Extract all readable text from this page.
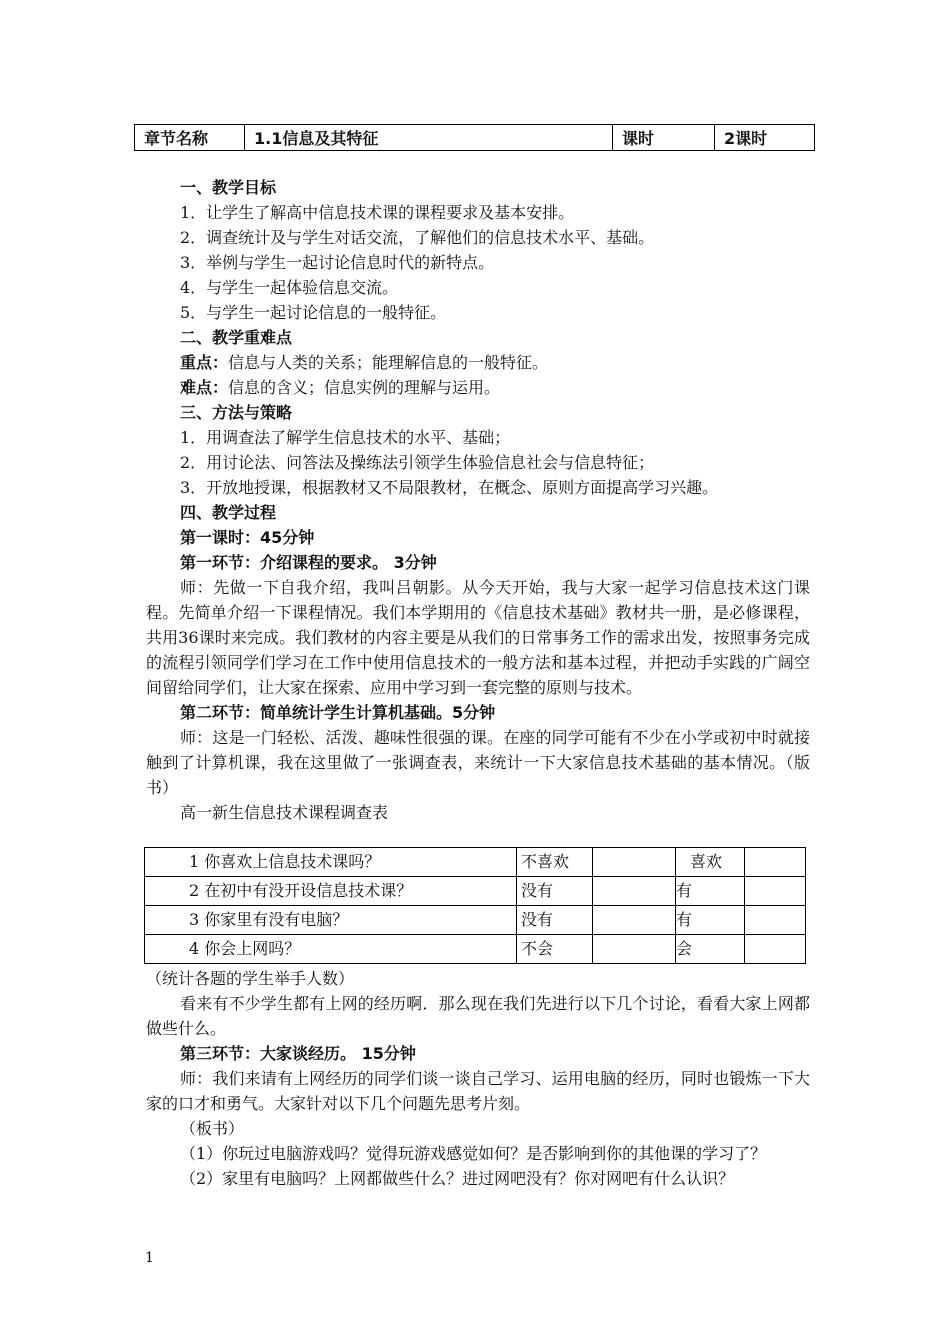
章节名称	1.1信息及其特征	课时	2课时
一、教学目标
1．让学生了解高中信息技术课的课程要求及基本安排。
2．调查统计及与学生对话交流，了解他们的信息技术水平、基础。
3．举例与学生一起讨论信息时代的新特点。
4．与学生一起体验信息交流。
5．与学生一起讨论信息的一般特征。
二、教学重难点
重点：信息与人类的关系；能理解信息的一般特征。
难点：信息的含义；信息实例的理解与运用。
三、方法与策略
1．用调查法了解学生信息技术的水平、基础；
2．用讨论法、问答法及操练法引领学生体验信息社会与信息特征；
3．开放地授课，根据教材又不局限教材，在概念、原则方面提高学习兴趣。
四、教学过程
第一课时：45分钟
第一环节：介绍课程的要求。 3分钟

师：先做一下自我介绍，我叫吕朝影。从今天开始，我与大家一起学习信息技术这门课程。先简单介绍一下课程情况。我们本学期用的《信息技术基础》教材共一册，是必修课程，共用36课时来完成。我们教材的内容主要是从我们的日常事务工作的需求出发，按照事务完成的流程引领同学们学习在工作中使用信息技术的一般方法和基本过程，并把动手实践的广阔空间留给同学们，让大家在探索、应用中学习到一套完整的原则与技术。

第二环节：简单统计学生计算机基础。5分钟

师：这是一门轻松、活泼、趣味性很强的课。在座的同学可能有不少在小学或初中时就接触到了计算机课，我在这里做了一张调查表，来统计一下大家信息技术基础的基本情况。（版书）

高一新生信息技术课程调查表
1 你喜欢上信息技术课吗？	不喜欢		喜欢	
2 在初中有没开设信息技术课？	没有		有	
3 你家里有没有电脑？	没有		有	
4 你会上网吗？	不会		会	
（统计各题的学生举手人数）

看来有不少学生都有上网的经历啊．那么现在我们先进行以下几个讨论，看看大家上网都做些什么。

第三环节：大家谈经历。 15分钟

师：我们来请有上网经历的同学们谈一谈自己学习、运用电脑的经历，同时也锻炼一下大家的口才和勇气。大家针对以下几个问题先思考片刻。

（板书）

（1）你玩过电脑游戏吗？觉得玩游戏感觉如何？是否影响到你的其他课的学习了？

（2）家里有电脑吗？上网都做些什么？进过网吧没有？你对网吧有什么认识？

1
